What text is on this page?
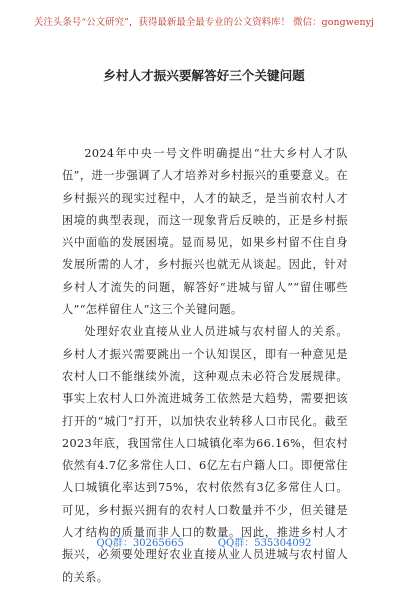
关注头条号“公文研究”，获得最新最全最专业的公文资料库！ 微信：gongwenyj
乡村人才振兴要解答好三个关键问题

2024年中央一号文件明确提出“壮大乡村人才队伍”，进一步强调了人才培养对乡村振兴的重要意义。在乡村振兴的现实过程中，人才的缺乏，是当前农村人才困境的典型表现，而这一现象背后反映的，正是乡村振兴中面临的发展困境。显而易见，如果乡村留不住自身发展所需的人才，乡村振兴也就无从谈起。因此，针对乡村人才流失的问题，解答好“进城与留人”“留住哪些人”“怎样留住人”这三个关键问题。

处理好农业直接从业人员进城与农村留人的关系。乡村人才振兴需要跳出一个认知误区，即有一种意见是农村人口不能继续外流，这种观点未必符合发展规律。事实上农村人口外流进城务工依然是大趋势，需要把该打开的“城门”打开，以加快农业转移人口市民化。截至2023年底，我国常住人口城镇化率为66.16%，但农村依然有4.7亿多常住人口、6亿左右户籍人口。即便常住人口城镇化率达到75%，农村依然有3亿多常住人口。可见，乡村振兴拥有的农村人口数量并不少，但关键是人才结构的质量而非人口的数量。因此，推进乡村人才振兴，必须要处理好农业直接从业人员进城与农村留人的关系。

QQ群：30265665	QQ群：535304092
